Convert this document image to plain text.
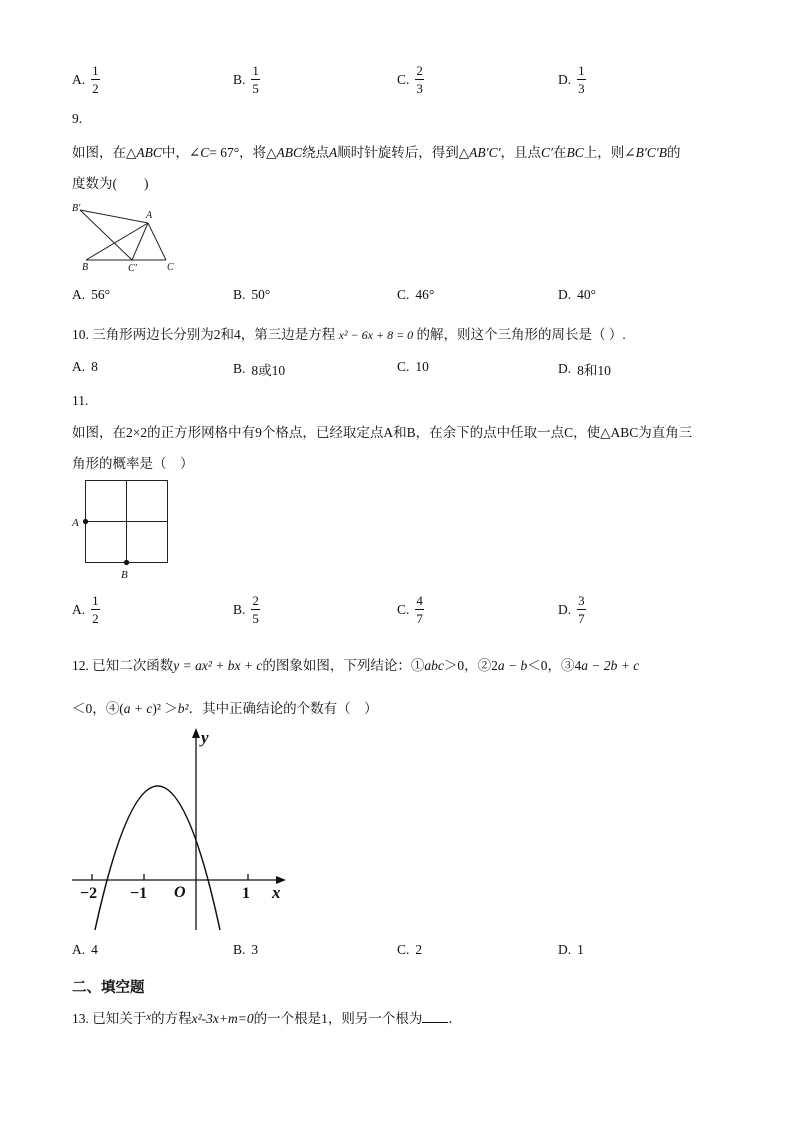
A. $\frac{1}{2}$	B. $\frac{1}{5}$	C. $\frac{2}{3}$	D. $\frac{1}{3}$
9.
如图，在△ABC中，∠C= 67°，将△ABC绕点A顺时针旋转后，得到△AB′C′，且点C′在BC上，则∠B′C′B的
度数为(　　)
B′
A
B	C′	C
A. 56°	B. 50°	C. 46°	D. 40°
10. 三角形两边长分别为2和4，第三边是方程 x² − 6x + 8 = 0 的解，则这个三角形的周长是（ ）.
A. 8	B. 8或10	C. 10	D. 8和10
11.
如图，在2×2的正方形网格中有9个格点，已经取定点A和B，在余下的点中任取一点C，使△ABC为直角三
角形的概率是（　）
A
B
A. $\frac{1}{2}$	B. $\frac{2}{5}$	C. $\frac{4}{7}$	D. $\frac{3}{7}$
12. 已知二次函数y = ax² + bx + c的图象如图，下列结论：①abc＞0，②2a − b＜0，③4a − 2b + c
＜0，④(a + c)² ＞b²．其中正确结论的个数有（　）
y
x
O
−2 −1	1
A. 4	B. 3	C. 2	D. 1
二、填空题
13. 已知关于$^x$的方程x²-3x+m=0的一个根是1，则另一个根为 ．
